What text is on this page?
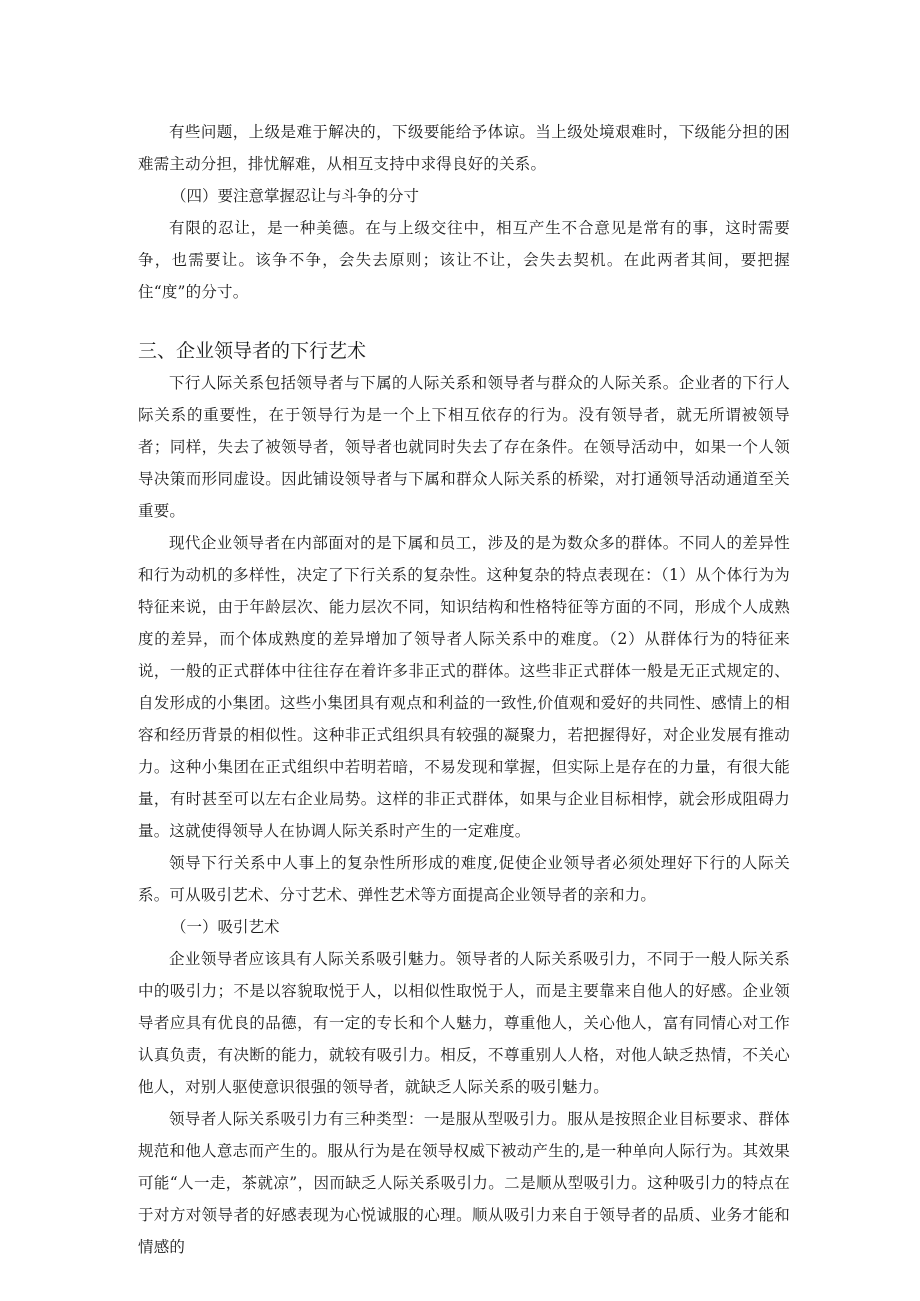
有些问题，上级是难于解决的，下级要能给予体谅。当上级处境艰难时，下级能分担的困难需主动分担，排忧解难，从相互支持中求得良好的关系。

（四）要注意掌握忍让与斗争的分寸

有限的忍让，是一种美德。在与上级交往中，相互产生不合意见是常有的事，这时需要争，也需要让。该争不争，会失去原则；该让不让，会失去契机。在此两者其间，要把握住“度”的分寸。

三、企业领导者的下行艺术

下行人际关系包括领导者与下属的人际关系和领导者与群众的人际关系。企业者的下行人际关系的重要性，在于领导行为是一个上下相互依存的行为。没有领导者，就无所谓被领导者；同样，失去了被领导者，领导者也就同时失去了存在条件。在领导活动中，如果一个人领导决策而形同虚设。因此铺设领导者与下属和群众人际关系的桥梁，对打通领导活动通道至关重要。

现代企业领导者在内部面对的是下属和员工，涉及的是为数众多的群体。不同人的差异性和行为动机的多样性，决定了下行关系的复杂性。这种复杂的特点表现在：（1）从个体行为为特征来说，由于年龄层次、能力层次不同，知识结构和性格特征等方面的不同，形成个人成熟度的差异，而个体成熟度的差异增加了领导者人际关系中的难度。（2）从群体行为的特征来说，一般的正式群体中往往存在着许多非正式的群体。这些非正式群体一般是无正式规定的、自发形成的小集团。这些小集团具有观点和利益的一致性,价值观和爱好的共同性、感情上的相容和经历背景的相似性。这种非正式组织具有较强的凝聚力，若把握得好，对企业发展有推动力。这种小集团在正式组织中若明若暗，不易发现和掌握，但实际上是存在的力量，有很大能量，有时甚至可以左右企业局势。这样的非正式群体，如果与企业目标相悖，就会形成阻碍力量。这就使得领导人在协调人际关系时产生的一定难度。

领导下行关系中人事上的复杂性所形成的难度,促使企业领导者必须处理好下行的人际关系。可从吸引艺术、分寸艺术、弹性艺术等方面提高企业领导者的亲和力。

（一）吸引艺术

企业领导者应该具有人际关系吸引魅力。领导者的人际关系吸引力，不同于一般人际关系中的吸引力；不是以容貌取悦于人，以相似性取悦于人，而是主要靠来自他人的好感。企业领导者应具有优良的品德，有一定的专长和个人魅力，尊重他人，关心他人，富有同情心对工作认真负责，有决断的能力，就较有吸引力。相反，不尊重别人人格，对他人缺乏热情，不关心他人，对别人驱使意识很强的领导者，就缺乏人际关系的吸引魅力。

领导者人际关系吸引力有三种类型：一是服从型吸引力。服从是按照企业目标要求、群体规范和他人意志而产生的。服从行为是在领导权威下被动产生的,是一种单向人际行为。其效果可能“人一走，茶就凉”，因而缺乏人际关系吸引力。二是顺从型吸引力。这种吸引力的特点在于对方对领导者的好感表现为心悦诚服的心理。顺从吸引力来自于领导者的品质、业务才能和情感的
